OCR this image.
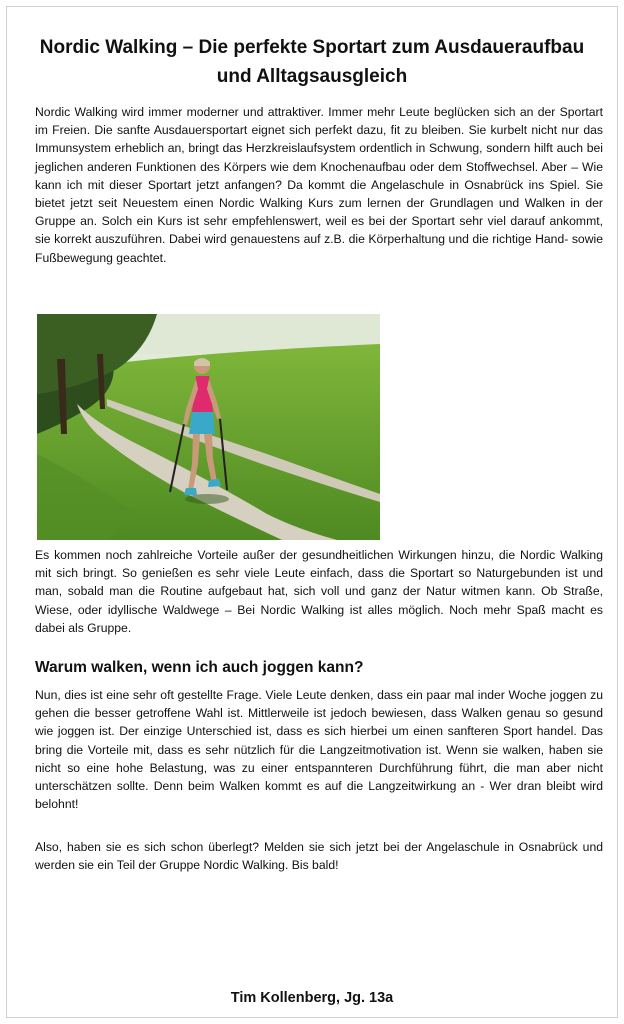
Nordic Walking – Die perfekte Sportart zum Ausdaueraufbau und Alltagsausgleich

Nordic Walking wird immer moderner und attraktiver. Immer mehr Leute beglücken sich an der Sportart im Freien. Die sanfte Ausdauersportart eignet sich perfekt dazu, fit zu bleiben. Sie kurbelt nicht nur das Immunsystem erheblich an, bringt das Herzkreislaufsystem ordentlich in Schwung, sondern hilft auch bei jeglichen anderen Funktionen des Körpers wie dem Knochenaufbau oder dem Stoffwechsel. Aber – Wie kann ich mit dieser Sportart jetzt anfangen? Da kommt die Angelaschule in Osnabrück ins Spiel. Sie bietet jetzt seit Neuestem einen Nordic Walking Kurs zum lernen der Grundlagen und Walken in der Gruppe an. Solch ein Kurs ist sehr empfehlenswert, weil es bei der Sportart sehr viel darauf ankommt, sie korrekt auszuführen. Dabei wird genauestens auf z.B. die Körperhaltung und die richtige Hand- sowie Fußbewegung geachtet.

Es kommen noch zahlreiche Vorteile außer der gesundheitlichen Wirkungen hinzu, die Nordic Walking mit sich bringt. So genießen es sehr viele Leute einfach, dass die Sportart so Naturgebunden ist und man, sobald man die Routine aufgebaut hat, sich voll und ganz der Natur witmen kann. Ob Straße, Wiese, oder idyllische Waldwege – Bei Nordic Walking ist alles möglich. Noch mehr Spaß macht es dabei als Gruppe.

Warum walken, wenn ich auch joggen kann?

Nun, dies ist eine sehr oft gestellte Frage. Viele Leute denken, dass ein paar mal inder Woche joggen zu gehen die besser getroffene Wahl ist. Mittlerweile ist jedoch bewiesen, dass Walken genau so gesund wie joggen ist. Der einzige Unterschied ist, dass es sich hierbei um einen sanfteren Sport handel. Das bring die Vorteile mit, dass es sehr nützlich für die Langzeitmotivation ist. Wenn sie walken, haben sie nicht so eine hohe Belastung, was zu einer entspannteren Durchführung führt, die man aber nicht unterschätzen sollte. Denn beim Walken kommt es auf die Langzeitwirkung an - Wer dran bleibt wird belohnt!

Also, haben sie es sich schon überlegt? Melden sie sich jetzt bei der Angelaschule in Osnabrück und werden sie ein Teil der Gruppe Nordic Walking. Bis bald!

Tim Kollenberg, Jg. 13a
